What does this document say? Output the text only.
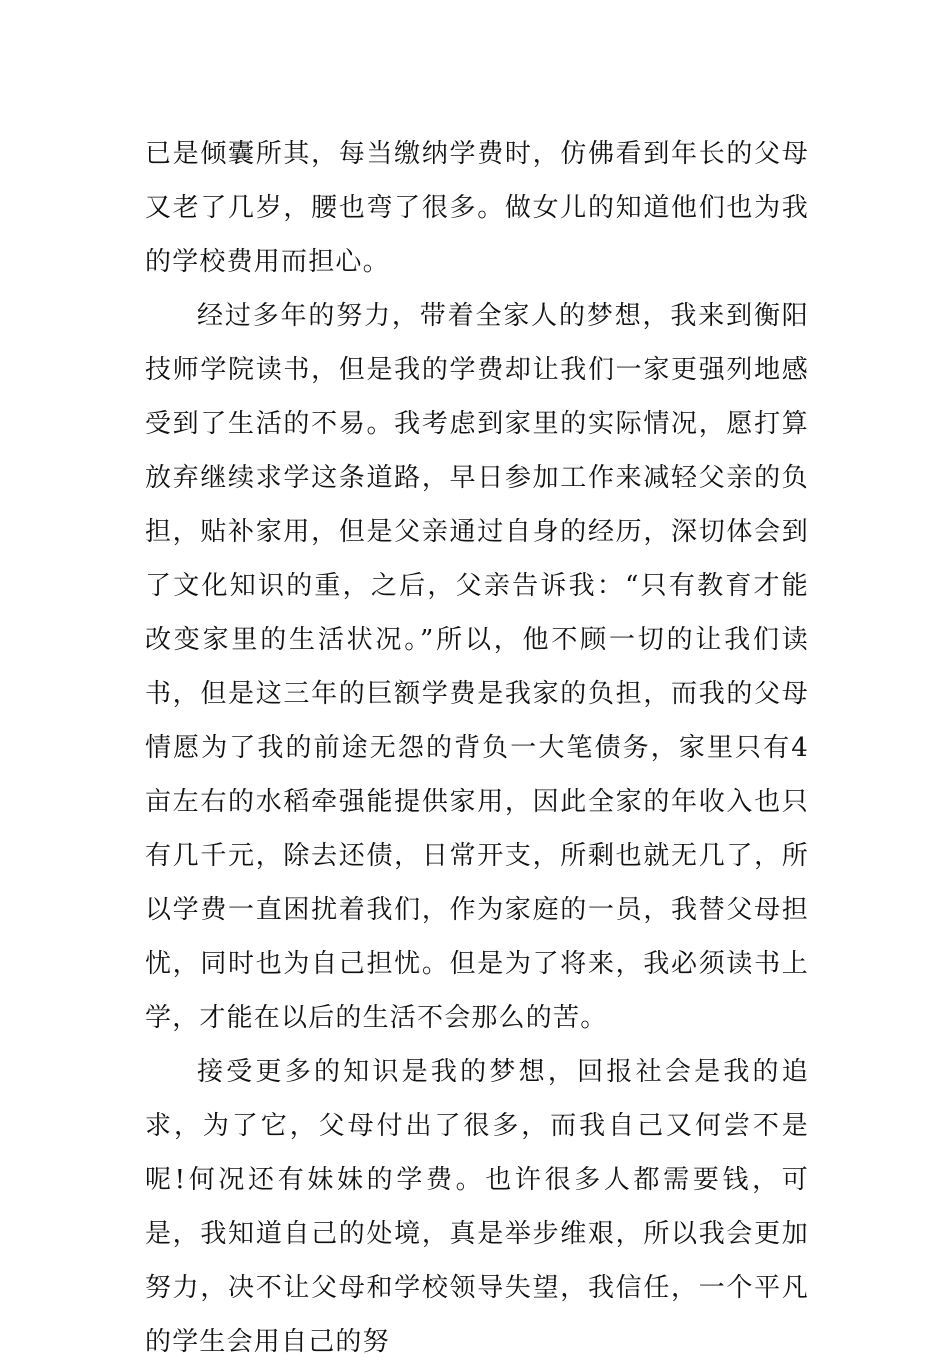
已是倾囊所其，每当缴纳学费时，仿佛看到年长的父母又老了几岁，腰也弯了很多。做女儿的知道他们也为我的学校费用而担心。

经过多年的努力，带着全家人的梦想，我来到衡阳技师学院读书，但是我的学费却让我们一家更强列地感受到了生活的不易。我考虑到家里的实际情况，愿打算放弃继续求学这条道路，早日参加工作来减轻父亲的负担，贴补家用，但是父亲通过自身的经历，深切体会到了文化知识的重，之后，父亲告诉我：“只有教育才能改变家里的生活状况。”所以，他不顾一切的让我们读书，但是这三年的巨额学费是我家的负担，而我的父母情愿为了我的前途无怨的背负一大笔债务，家里只有4亩左右的水稻牵强能提供家用，因此全家的年收入也只有几千元，除去还债，日常开支，所剩也就无几了，所以学费一直困扰着我们，作为家庭的一员，我替父母担忧，同时也为自己担忧。但是为了将来，我必须读书上学，才能在以后的生活不会那么的苦。

接受更多的知识是我的梦想，回报社会是我的追求，为了它，父母付出了很多，而我自己又何尝不是呢!何况还有妹妹的学费。也许很多人都需要钱，可是，我知道自己的处境，真是举步维艰，所以我会更加努力，决不让父母和学校领导失望，我信任，一个平凡的学生会用自己的努
